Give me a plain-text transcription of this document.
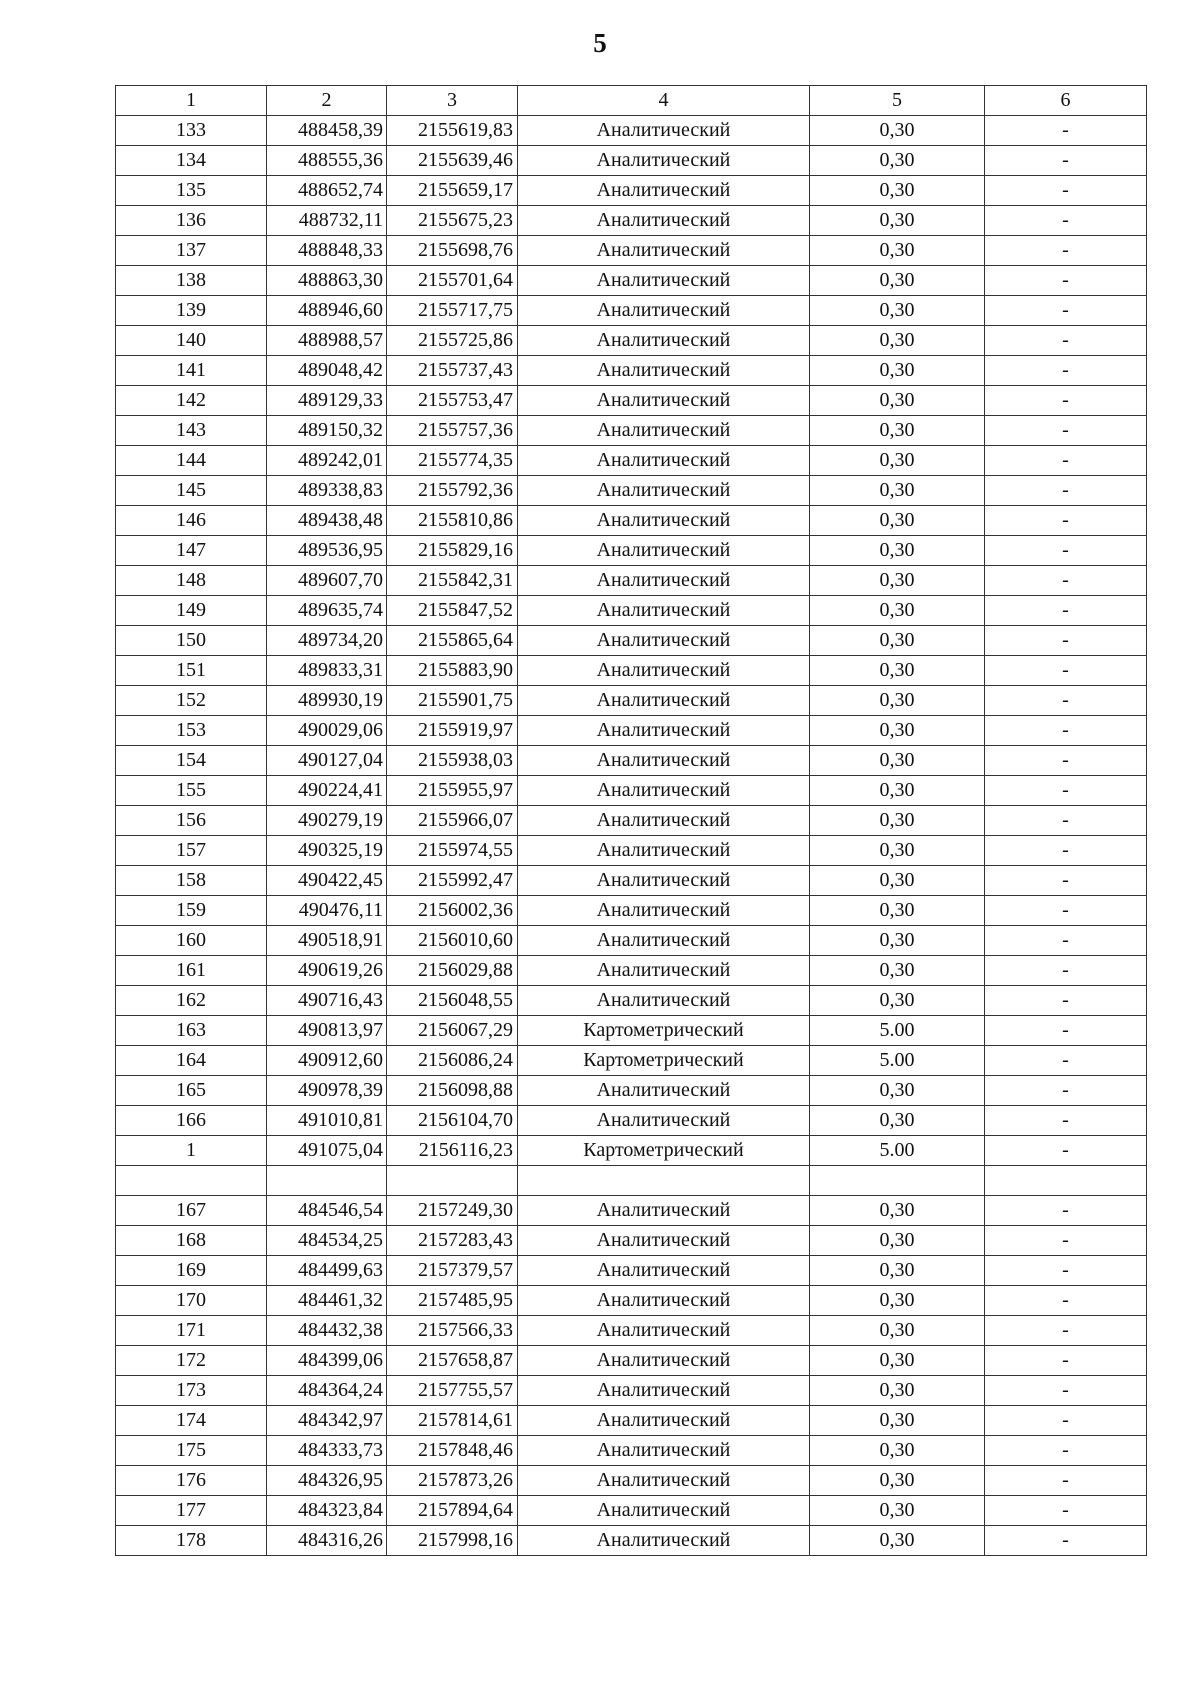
5
1	2	3	4	5	6
133	488458,39	2155619,83	Аналитический	0,30	-
134	488555,36	2155639,46	Аналитический	0,30	-
135	488652,74	2155659,17	Аналитический	0,30	-
136	488732,11	2155675,23	Аналитический	0,30	-
137	488848,33	2155698,76	Аналитический	0,30	-
138	488863,30	2155701,64	Аналитический	0,30	-
139	488946,60	2155717,75	Аналитический	0,30	-
140	488988,57	2155725,86	Аналитический	0,30	-
141	489048,42	2155737,43	Аналитический	0,30	-
142	489129,33	2155753,47	Аналитический	0,30	-
143	489150,32	2155757,36	Аналитический	0,30	-
144	489242,01	2155774,35	Аналитический	0,30	-
145	489338,83	2155792,36	Аналитический	0,30	-
146	489438,48	2155810,86	Аналитический	0,30	-
147	489536,95	2155829,16	Аналитический	0,30	-
148	489607,70	2155842,31	Аналитический	0,30	-
149	489635,74	2155847,52	Аналитический	0,30	-
150	489734,20	2155865,64	Аналитический	0,30	-
151	489833,31	2155883,90	Аналитический	0,30	-
152	489930,19	2155901,75	Аналитический	0,30	-
153	490029,06	2155919,97	Аналитический	0,30	-
154	490127,04	2155938,03	Аналитический	0,30	-
155	490224,41	2155955,97	Аналитический	0,30	-
156	490279,19	2155966,07	Аналитический	0,30	-
157	490325,19	2155974,55	Аналитический	0,30	-
158	490422,45	2155992,47	Аналитический	0,30	-
159	490476,11	2156002,36	Аналитический	0,30	-
160	490518,91	2156010,60	Аналитический	0,30	-
161	490619,26	2156029,88	Аналитический	0,30	-
162	490716,43	2156048,55	Аналитический	0,30	-
163	490813,97	2156067,29	Картометрический	5.00	-
164	490912,60	2156086,24	Картометрический	5.00	-
165	490978,39	2156098,88	Аналитический	0,30	-
166	491010,81	2156104,70	Аналитический	0,30	-
1	491075,04	2156116,23	Картометрический	5.00	-

167	484546,54	2157249,30	Аналитический	0,30	-
168	484534,25	2157283,43	Аналитический	0,30	-
169	484499,63	2157379,57	Аналитический	0,30	-
170	484461,32	2157485,95	Аналитический	0,30	-
171	484432,38	2157566,33	Аналитический	0,30	-
172	484399,06	2157658,87	Аналитический	0,30	-
173	484364,24	2157755,57	Аналитический	0,30	-
174	484342,97	2157814,61	Аналитический	0,30	-
175	484333,73	2157848,46	Аналитический	0,30	-
176	484326,95	2157873,26	Аналитический	0,30	-
177	484323,84	2157894,64	Аналитический	0,30	-
178	484316,26	2157998,16	Аналитический	0,30	-
